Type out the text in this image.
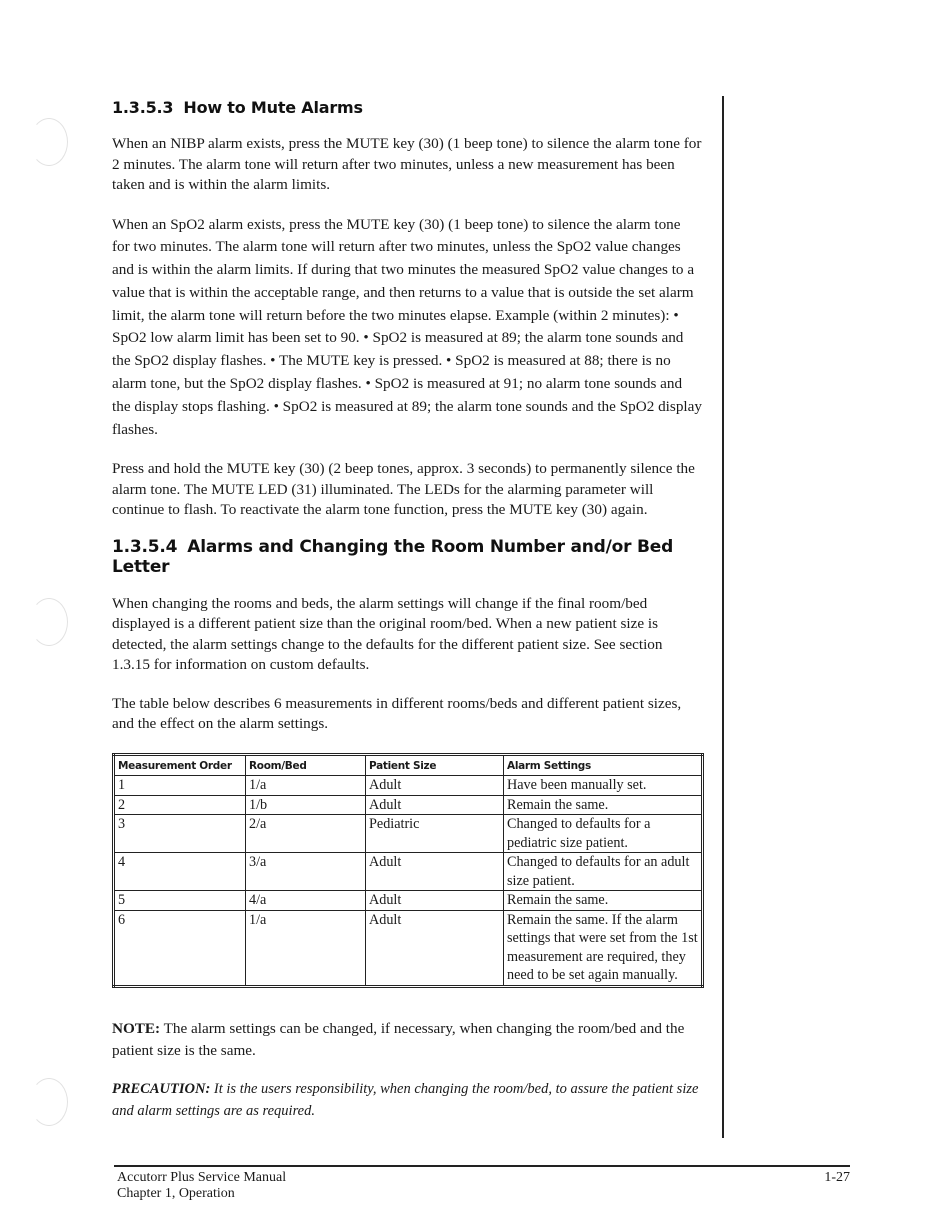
1.3.5.3 How to Mute Alarms

When an NIBP alarm exists, press the MUTE key (30) (1 beep tone) to silence the alarm tone for 2 minutes. The alarm tone will return after two minutes, unless a new measurement has been taken and is within the alarm limits.

When an SpO2 alarm exists, press the MUTE key (30) (1 beep tone) to silence the alarm tone for two minutes. The alarm tone will return after two minutes, unless the SpO2 value changes and is within the alarm limits. If during that two minutes the measured SpO2 value changes to a value that is within the acceptable range, and then returns to a value that is outside the set alarm limit, the alarm tone will return before the two minutes elapse. Example (within 2 minutes): • SpO2 low alarm limit has been set to 90. • SpO2 is measured at 89; the alarm tone sounds and the SpO2 display flashes. • The MUTE key is pressed. • SpO2 is measured at 88; there is no alarm tone, but the SpO2 display flashes. • SpO2 is measured at 91; no alarm tone sounds and the display stops flashing. • SpO2 is measured at 89; the alarm tone sounds and the SpO2 display flashes.

Press and hold the MUTE key (30) (2 beep tones, approx. 3 seconds) to permanently silence the alarm tone. The MUTE LED (31) illuminated. The LEDs for the alarming parameter will continue to flash. To reactivate the alarm tone function, press the MUTE key (30) again.

1.3.5.4 Alarms and Changing the Room Number and/or Bed Letter

When changing the rooms and beds, the alarm settings will change if the final room/bed displayed is a different patient size than the original room/bed. When a new patient size is detected, the alarm settings change to the defaults for the different patient size. See section 1.3.15 for information on custom defaults.

The table below describes 6 measurements in different rooms/beds and different patient sizes, and the effect on the alarm settings.

Measurement Order	Room/Bed	Patient Size	Alarm Settings
1	1/a	Adult	Have been manually set.
2	1/b	Adult	Remain the same.
3	2/a	Pediatric	Changed to defaults for a pediatric size patient.
4	3/a	Adult	Changed to defaults for an adult size patient.
5	4/a	Adult	Remain the same.
6	1/a	Adult	Remain the same. If the alarm settings that were set from the 1st measurement are required, they need to be set again manually.

NOTE: The alarm settings can be changed, if necessary, when changing the room/bed and the patient size is the same.

PRECAUTION: It is the users responsibility, when changing the room/bed, to assure the patient size and alarm settings are as required.

Accutorr Plus Service Manual
Chapter 1, Operation
1-27
